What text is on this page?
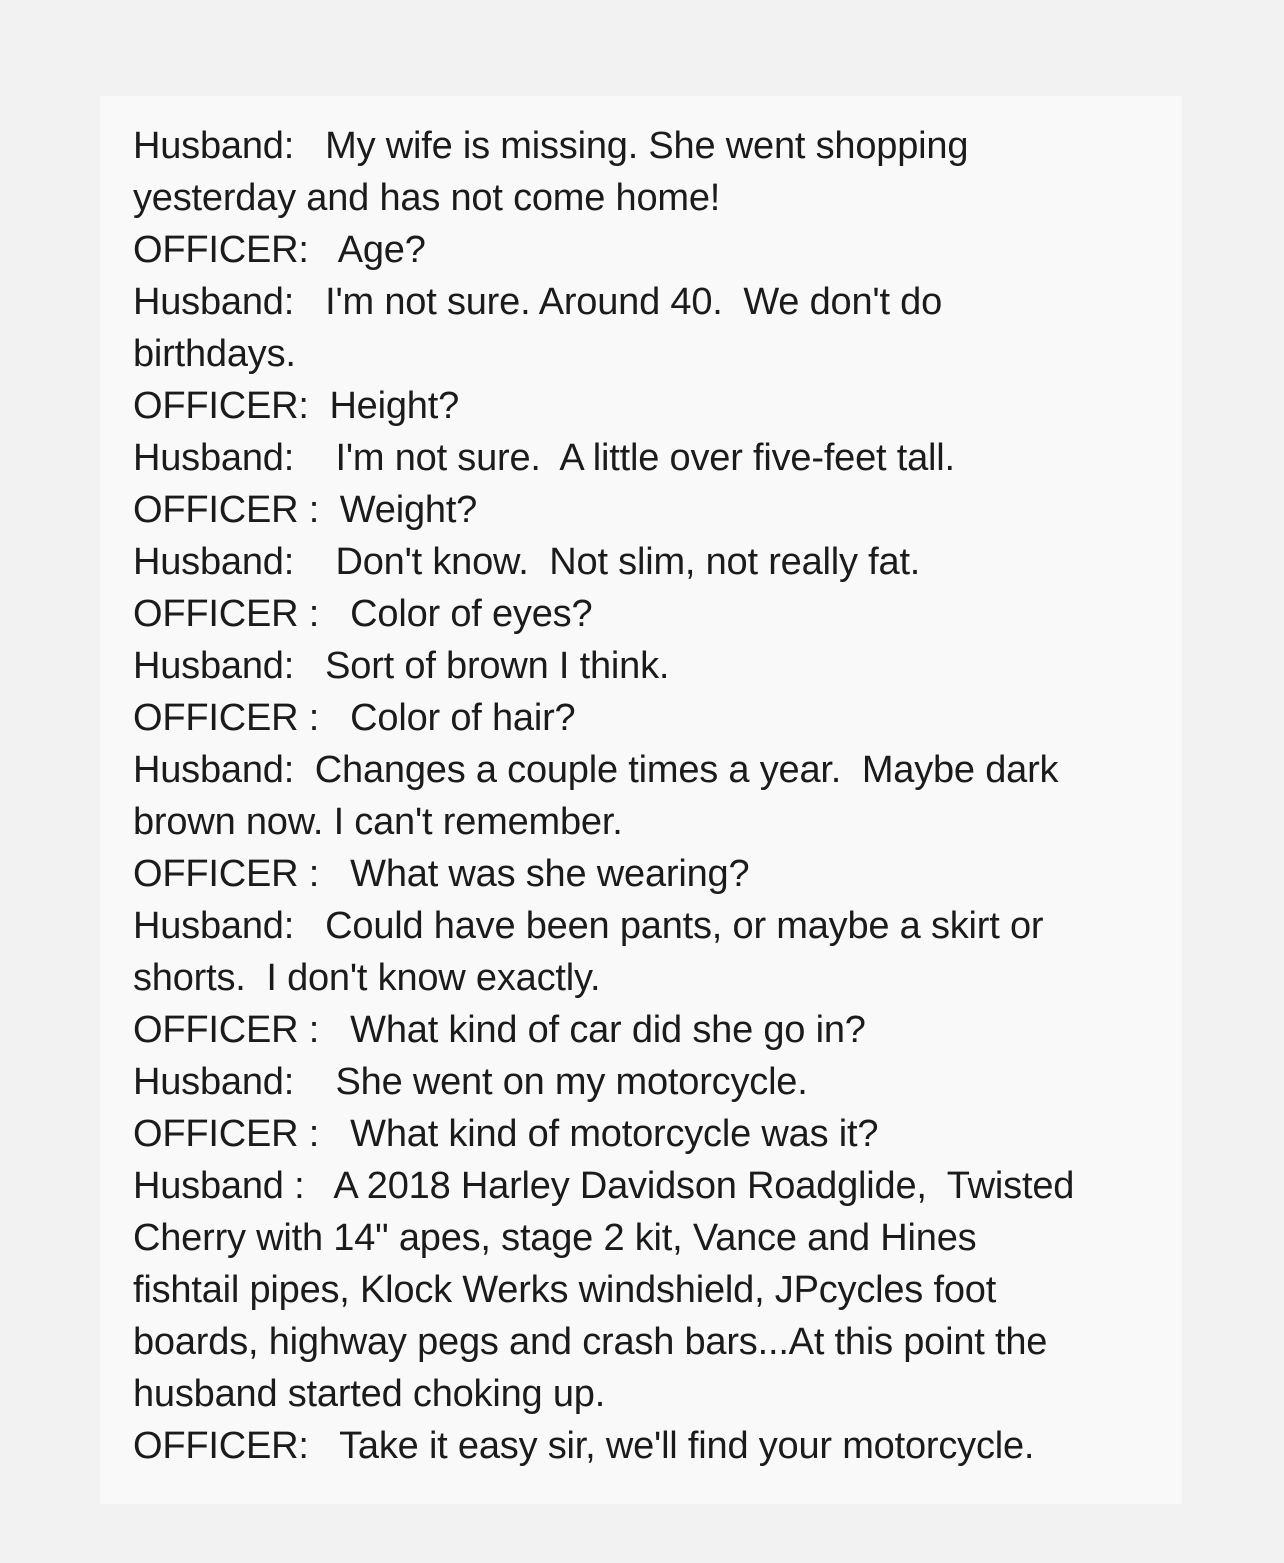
Husband:   My wife is missing. She went shopping
yesterday and has not come home!
OFFICER:   Age?
Husband:   I'm not sure. Around 40.  We don't do
birthdays.
OFFICER:  Height?
Husband:    I'm not sure.  A little over five-feet tall.
OFFICER :  Weight?
Husband:    Don't know.  Not slim, not really fat.
OFFICER :   Color of eyes?
Husband:   Sort of brown I think.
OFFICER :   Color of hair?
Husband:  Changes a couple times a year.  Maybe dark
brown now. I can't remember.
OFFICER :   What was she wearing?
Husband:   Could have been pants, or maybe a skirt or
shorts.  I don't know exactly.
OFFICER :   What kind of car did she go in?
Husband:    She went on my motorcycle.
OFFICER :   What kind of motorcycle was it?
Husband :   A 2018 Harley Davidson Roadglide,  Twisted
Cherry with 14" apes, stage 2 kit, Vance and Hines
fishtail pipes, Klock Werks windshield, JPcycles foot
boards, highway pegs and crash bars...At this point the
husband started choking up.
OFFICER:   Take it easy sir, we'll find your motorcycle.
